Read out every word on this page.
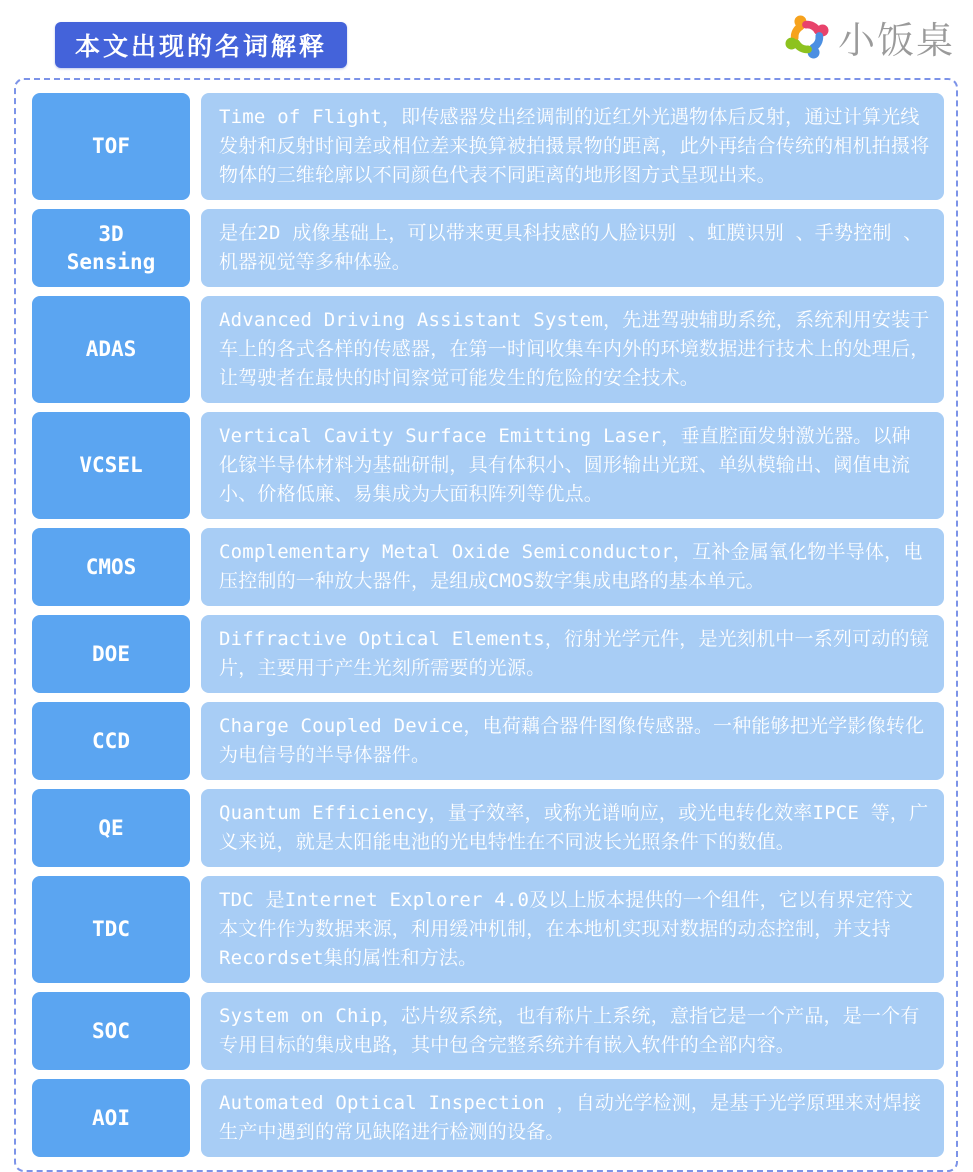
本文出现的名词解释	小饭桌
TOF
Time of Flight，即传感器发出经调制的近红外光遇物体后反射，通过计算光线发射和反射时间差或相位差来换算被拍摄景物的距离，此外再结合传统的相机拍摄将物体的三维轮廓以不同颜色代表不同距离的地形图方式呈现出来。
3D Sensing
是在2D 成像基础上，可以带来更具科技感的人脸识别 、虹膜识别 、手势控制 、机器视觉等多种体验。
ADAS
Advanced Driving Assistant System，先进驾驶辅助系统，系统利用安装于车上的各式各样的传感器，在第一时间收集车内外的环境数据进行技术上的处理后，让驾驶者在最快的时间察觉可能发生的危险的安全技术。
VCSEL
Vertical Cavity Surface Emitting Laser，垂直腔面发射激光器。以砷化镓半导体材料为基础研制，具有体积小、圆形输出光斑、单纵模输出、阈值电流小、价格低廉、易集成为大面积阵列等优点。
CMOS
Complementary Metal Oxide Semiconductor，互补金属氧化物半导体，电压控制的一种放大器件，是组成CMOS数字集成电路的基本单元。
DOE
Diffractive Optical Elements，衍射光学元件，是光刻机中一系列可动的镜片，主要用于产生光刻所需要的光源。
CCD
Charge Coupled Device，电荷藕合器件图像传感器。一种能够把光学影像转化为电信号的半导体器件。
QE
Quantum Efficiency，量子效率，或称光谱响应，或光电转化效率IPCE 等，广义来说，就是太阳能电池的光电特性在不同波长光照条件下的数值。
TDC
TDC 是Internet Explorer 4.0及以上版本提供的一个组件，它以有界定符文本文件作为数据来源，利用缓冲机制，在本地机实现对数据的动态控制，并支持Recordset集的属性和方法。
SOC
System on Chip，芯片级系统，也有称片上系统，意指它是一个产品，是一个有专用目标的集成电路，其中包含完整系统并有嵌入软件的全部内容。
AOI
Automated Optical Inspection ，自动光学检测，是基于光学原理来对焊接生产中遇到的常见缺陷进行检测的设备。
